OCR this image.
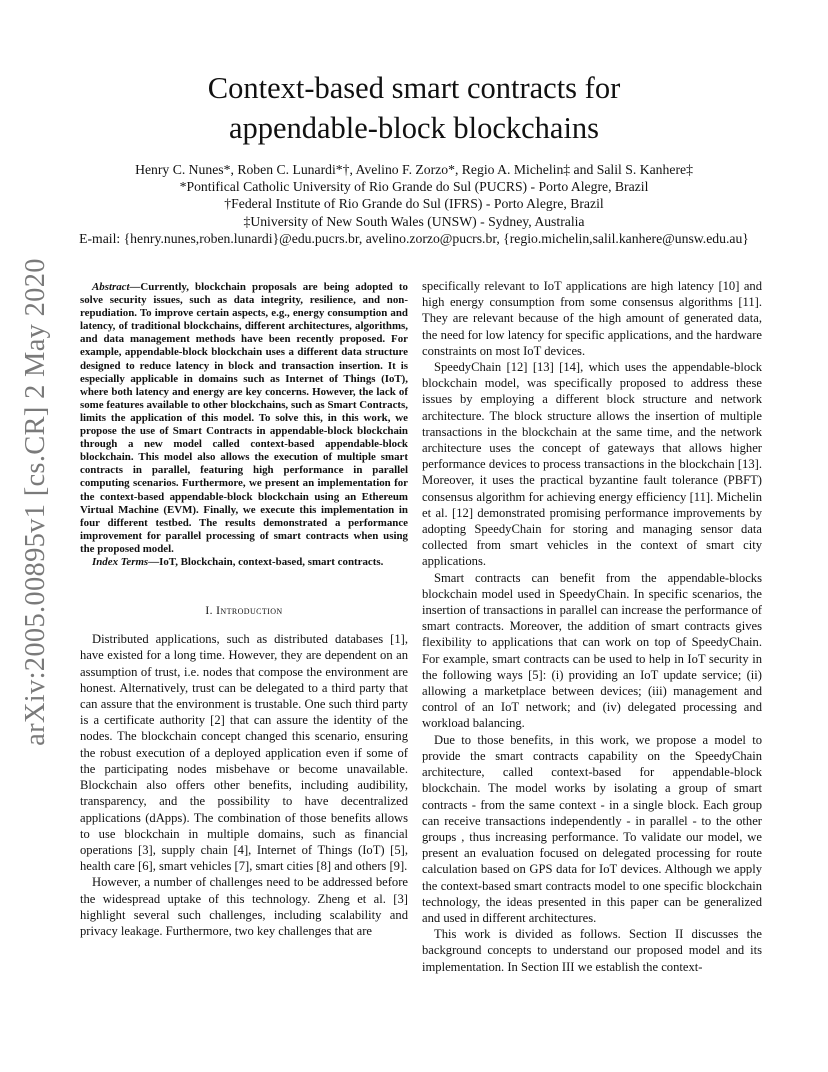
arXiv:2005.00895v1 [cs.CR] 2 May 2020
Context-based smart contracts for
appendable-block blockchains
Henry C. Nunes*, Roben C. Lunardi*†, Avelino F. Zorzo*, Regio A. Michelin‡ and Salil S. Kanhere‡
*Pontifical Catholic University of Rio Grande do Sul (PUCRS) - Porto Alegre, Brazil
†Federal Institute of Rio Grande do Sul (IFRS) - Porto Alegre, Brazil
‡University of New South Wales (UNSW) - Sydney, Australia
E-mail: {henry.nunes,roben.lunardi}@edu.pucrs.br, avelino.zorzo@pucrs.br, {regio.michelin,salil.kanhere@unsw.edu.au}

Abstract—Currently, blockchain proposals are being adopted to solve security issues, such as data integrity, resilience, and non-repudiation. To improve certain aspects, e.g., energy consumption and latency, of traditional blockchains, different architectures, algorithms, and data management methods have been recently proposed. For example, appendable-block blockchain uses a different data structure designed to reduce latency in block and transaction insertion. It is especially applicable in domains such as Internet of Things (IoT), where both latency and energy are key concerns. However, the lack of some features available to other blockchains, such as Smart Contracts, limits the application of this model. To solve this, in this work, we propose the use of Smart Contracts in appendable-block blockchain through a new model called context-based appendable-block blockchain. This model also allows the execution of multiple smart contracts in parallel, featuring high performance in parallel computing scenarios. Furthermore, we present an implementation for the context-based appendable-block blockchain using an Ethereum Virtual Machine (EVM). Finally, we execute this implementation in four different testbed. The results demonstrated a performance improvement for parallel processing of smart contracts when using the proposed model.

Index Terms—IoT, Blockchain, context-based, smart contracts.

I. Introduction

Distributed applications, such as distributed databases [1], have existed for a long time. However, they are dependent on an assumption of trust, i.e. nodes that compose the environment are honest. Alternatively, trust can be delegated to a third party that can assure that the environment is trustable. One such third party is a certificate authority [2] that can assure the identity of the nodes. The blockchain concept changed this scenario, ensuring the robust execution of a deployed application even if some of the participating nodes misbehave or become unavailable. Blockchain also offers other benefits, including audibility, transparency, and the possibility to have decentralized applications (dApps). The combination of those benefits allows to use blockchain in multiple domains, such as financial operations [3], supply chain [4], Internet of Things (IoT) [5], health care [6], smart vehicles [7], smart cities [8] and others [9].

However, a number of challenges need to be addressed before the widespread uptake of this technology. Zheng et al. [3] highlight several such challenges, including scalability and privacy leakage. Furthermore, two key challenges that are

specifically relevant to IoT applications are high latency [10] and high energy consumption from some consensus algorithms [11]. They are relevant because of the high amount of generated data, the need for low latency for specific applications, and the hardware constraints on most IoT devices.

SpeedyChain [12] [13] [14], which uses the appendable-block blockchain model, was specifically proposed to address these issues by employing a different block structure and network architecture. The block structure allows the insertion of multiple transactions in the blockchain at the same time, and the network architecture uses the concept of gateways that allows higher performance devices to process transactions in the blockchain [13]. Moreover, it uses the practical byzantine fault tolerance (PBFT) consensus algorithm for achieving energy efficiency [11]. Michelin et al. [12] demonstrated promising performance improvements by adopting SpeedyChain for storing and managing sensor data collected from smart vehicles in the context of smart city applications.

Smart contracts can benefit from the appendable-blocks blockchain model used in SpeedyChain. In specific scenarios, the insertion of transactions in parallel can increase the performance of smart contracts. Moreover, the addition of smart contracts gives flexibility to applications that can work on top of SpeedyChain. For example, smart contracts can be used to help in IoT security in the following ways [5]: (i) providing an IoT update service; (ii) allowing a marketplace between devices; (iii) management and control of an IoT network; and (iv) delegated processing and workload balancing.

Due to those benefits, in this work, we propose a model to provide the smart contracts capability on the SpeedyChain architecture, called context-based for appendable-block blockchain. The model works by isolating a group of smart contracts - from the same context - in a single block. Each group can receive transactions independently - in parallel - to the other groups , thus increasing performance. To validate our model, we present an evaluation focused on delegated processing for route calculation based on GPS data for IoT devices. Although we apply the context-based smart contracts model to one specific blockchain technology, the ideas presented in this paper can be generalized and used in different architectures.

This work is divided as follows. Section II discusses the background concepts to understand our proposed model and its implementation. In Section III we establish the context-
